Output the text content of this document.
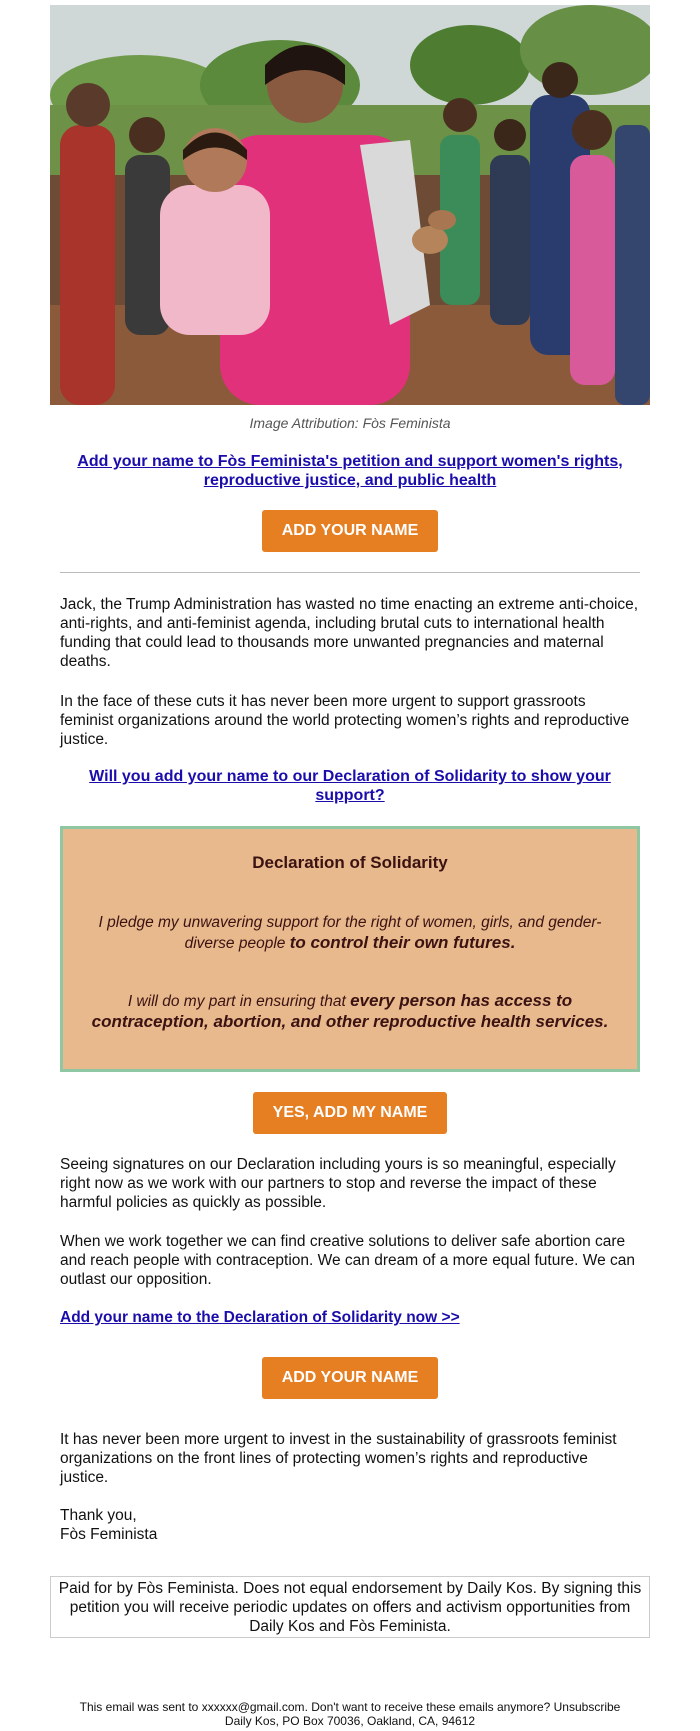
Image Attribution: Fòs Feminista
Add your name to Fòs Feminista's petition and support women's rights, reproductive justice, and public health
ADD YOUR NAME
Jack, the Trump Administration has wasted no time enacting an extreme anti-choice, anti-rights, and anti-feminist agenda, including brutal cuts to international health funding that could lead to thousands more unwanted pregnancies and maternal deaths.
In the face of these cuts it has never been more urgent to support grassroots feminist organizations around the world protecting women’s rights and reproductive justice.
Will you add your name to our Declaration of Solidarity to show your support?
Declaration of Solidarity
I pledge my unwavering support for the right of women, girls, and gender-diverse people to control their own futures.
I will do my part in ensuring that every person has access to contraception, abortion, and other reproductive health services.
YES, ADD MY NAME
Seeing signatures on our Declaration including yours is so meaningful, especially right now as we work with our partners to stop and reverse the impact of these harmful policies as quickly as possible.
When we work together we can find creative solutions to deliver safe abortion care and reach people with contraception. We can dream of a more equal future. We can outlast our opposition.
Add your name to the Declaration of Solidarity now >>
ADD YOUR NAME
It has never been more urgent to invest in the sustainability of grassroots feminist organizations on the front lines of protecting women’s rights and reproductive justice.
Thank you,
Fòs Feminista
Paid for by Fòs Feminista. Does not equal endorsement by Daily Kos. By signing this petition you will receive periodic updates on offers and activism opportunities from Daily Kos and Fòs Feminista.
This email was sent to xxxxxx@gmail.com. Don't want to receive these emails anymore? Unsubscribe
Daily Kos, PO Box 70036, Oakland, CA, 94612
